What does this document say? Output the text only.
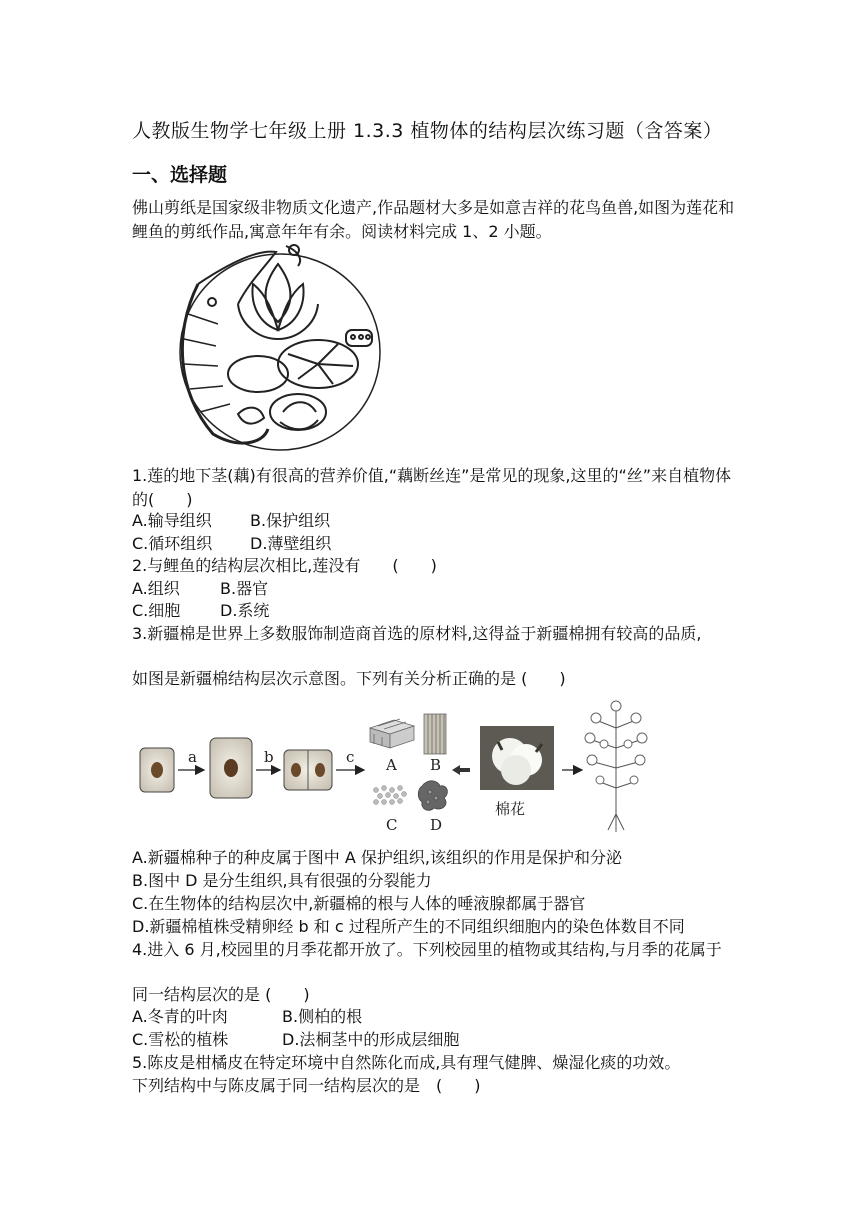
人教版生物学七年级上册 1.3.3 植物体的结构层次练习题（含答案）
一、选择题
佛山剪纸是国家级非物质文化遗产,作品题材大多是如意吉祥的花鸟鱼兽,如图为莲花和鲤鱼的剪纸作品,寓意年年有余。阅读材料完成 1、2 小题。
1.莲的地下茎(藕)有很高的营养价值,“藕断丝连”是常见的现象,这里的“丝”来自植物体的(　　)
A.输导组织 B.保护组织
C.循环组织 D.薄壁组织
2.与鲤鱼的结构层次相比,莲没有　　(　　)
A.组织	B.器官
C.细胞 D.系统
3.新疆棉是世界上多数服饰制造商首选的原材料,这得益于新疆棉拥有较高的品质,
如图是新疆棉结构层次示意图。下列有关分析正确的是 (　　)
a	b	c A B
C D
棉花
A.新疆棉种子的种皮属于图中 A 保护组织,该组织的作用是保护和分泌
B.图中 D 是分生组织,具有很强的分裂能力
C.在生物体的结构层次中,新疆棉的根与人体的唾液腺都属于器官
D.新疆棉植株受精卵经 b 和 c 过程所产生的不同组织细胞内的染色体数目不同
4.进入 6 月,校园里的月季花都开放了。下列校园里的植物或其结构,与月季的花属于
同一结构层次的是 (　　)
A.冬青的叶肉	B.侧柏的根
C.雪松的植株	D.法桐茎中的形成层细胞
5.陈皮是柑橘皮在特定环境中自然陈化而成,具有理气健脾、燥湿化痰的功效。
下列结构中与陈皮属于同一结构层次的是　(　　)
